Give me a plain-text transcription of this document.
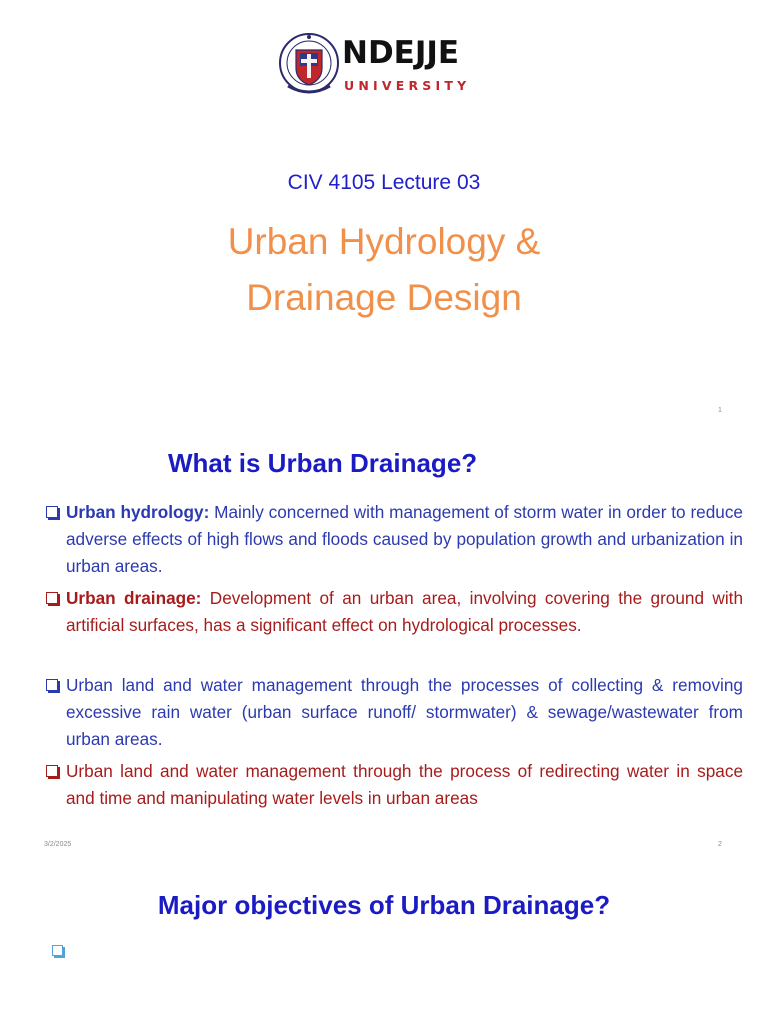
NDEJJE
UNIVERSITY
CIV 4105 Lecture 03
Urban Hydrology &
Drainage Design
1
What is Urban Drainage?
Urban hydrology: Mainly concerned with management of storm water in order to reduce adverse effects of high flows and floods caused by population growth and urbanization in urban areas.
Urban drainage: Development of an urban area, involving covering the ground with artificial surfaces, has a significant effect on hydrological processes.
Urban land and water management through the processes of collecting & removing excessive rain water (urban surface runoff/ stormwater) & sewage/wastewater from urban areas.
Urban land and water management through the process of redirecting water in space and time and manipulating water levels in urban areas
3/2/2025	2
Major objectives of Urban Drainage?
